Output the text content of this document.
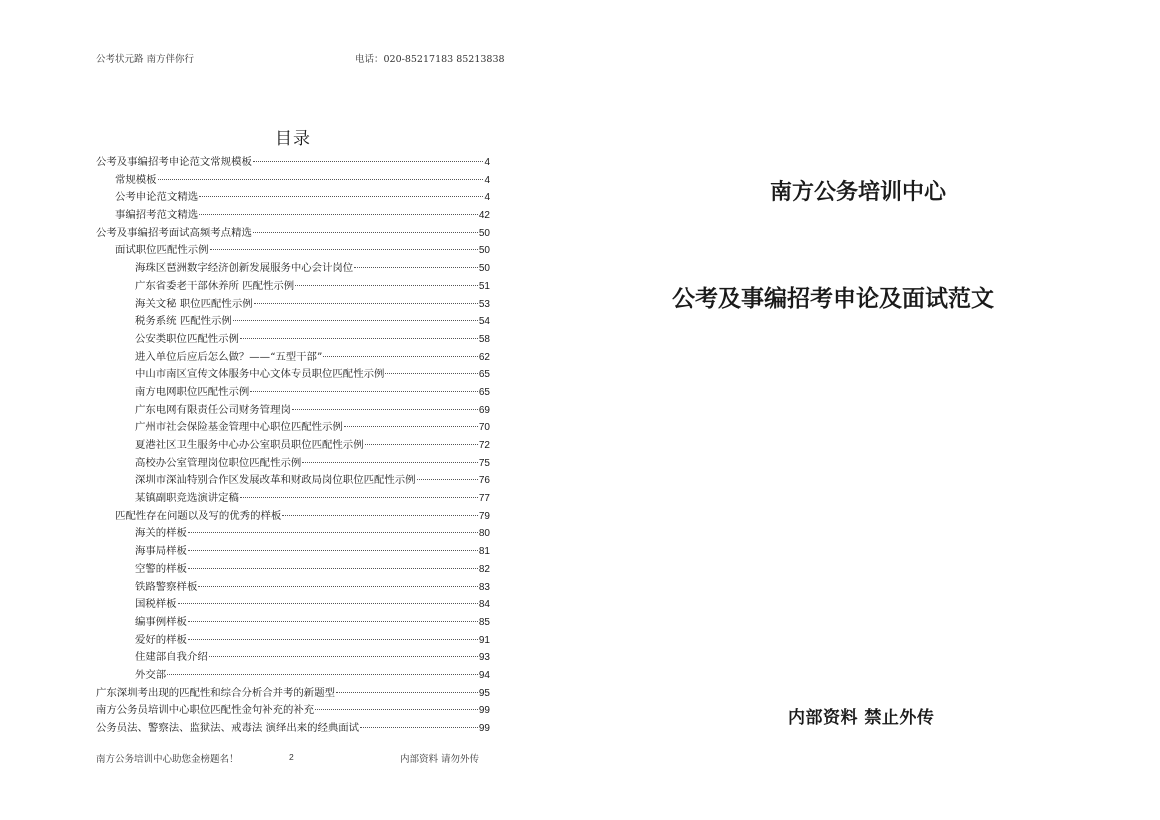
公考状元路 南方伴你行	电话：020-85217183 85213838
目录
公考及事编招考申论范文常规模板	4
常规模板	4
公考申论范文精选	4
事编招考范文精选	42
公考及事编招考面试高频考点精选	50
面试职位匹配性示例	50
海珠区琶洲数字经济创新发展服务中心会计岗位	50
广东省委老干部休养所 匹配性示例	51
海关文秘 职位匹配性示例	53
税务系统 匹配性示例	54
公安类职位匹配性示例	58
进入单位后应后怎么做？——“五型干部”	62
中山市南区宣传文体服务中心文体专员职位匹配性示例	65
南方电网职位匹配性示例	65
广东电网有限责任公司财务管理岗	69
广州市社会保险基金管理中心职位匹配性示例	70
夏港社区卫生服务中心办公室职员职位匹配性示例	72
高校办公室管理岗位职位匹配性示例	75
深圳市深汕特别合作区发展改革和财政局岗位职位匹配性示例	76
某镇副职竞选演讲定稿	77
匹配性存在问题以及写的优秀的样板	79
海关的样板	80
海事局样板	81
空警的样板	82
铁路警察样板	83
国税样板	84
编事例样板	85
爱好的样板	91
住建部自我介绍	93
外交部	94
广东深圳考出现的匹配性和综合分析合并考的新题型	95
南方公务员培训中心职位匹配性金句补充的补充	99
公务员法、警察法、监狱法、戒毒法 演绎出来的经典面试	99
南方公务培训中心助您金榜题名！	2	内部资料 请勿外传
南方公务培训中心
公考及事编招考申论及面试范文
内部资料 禁止外传
